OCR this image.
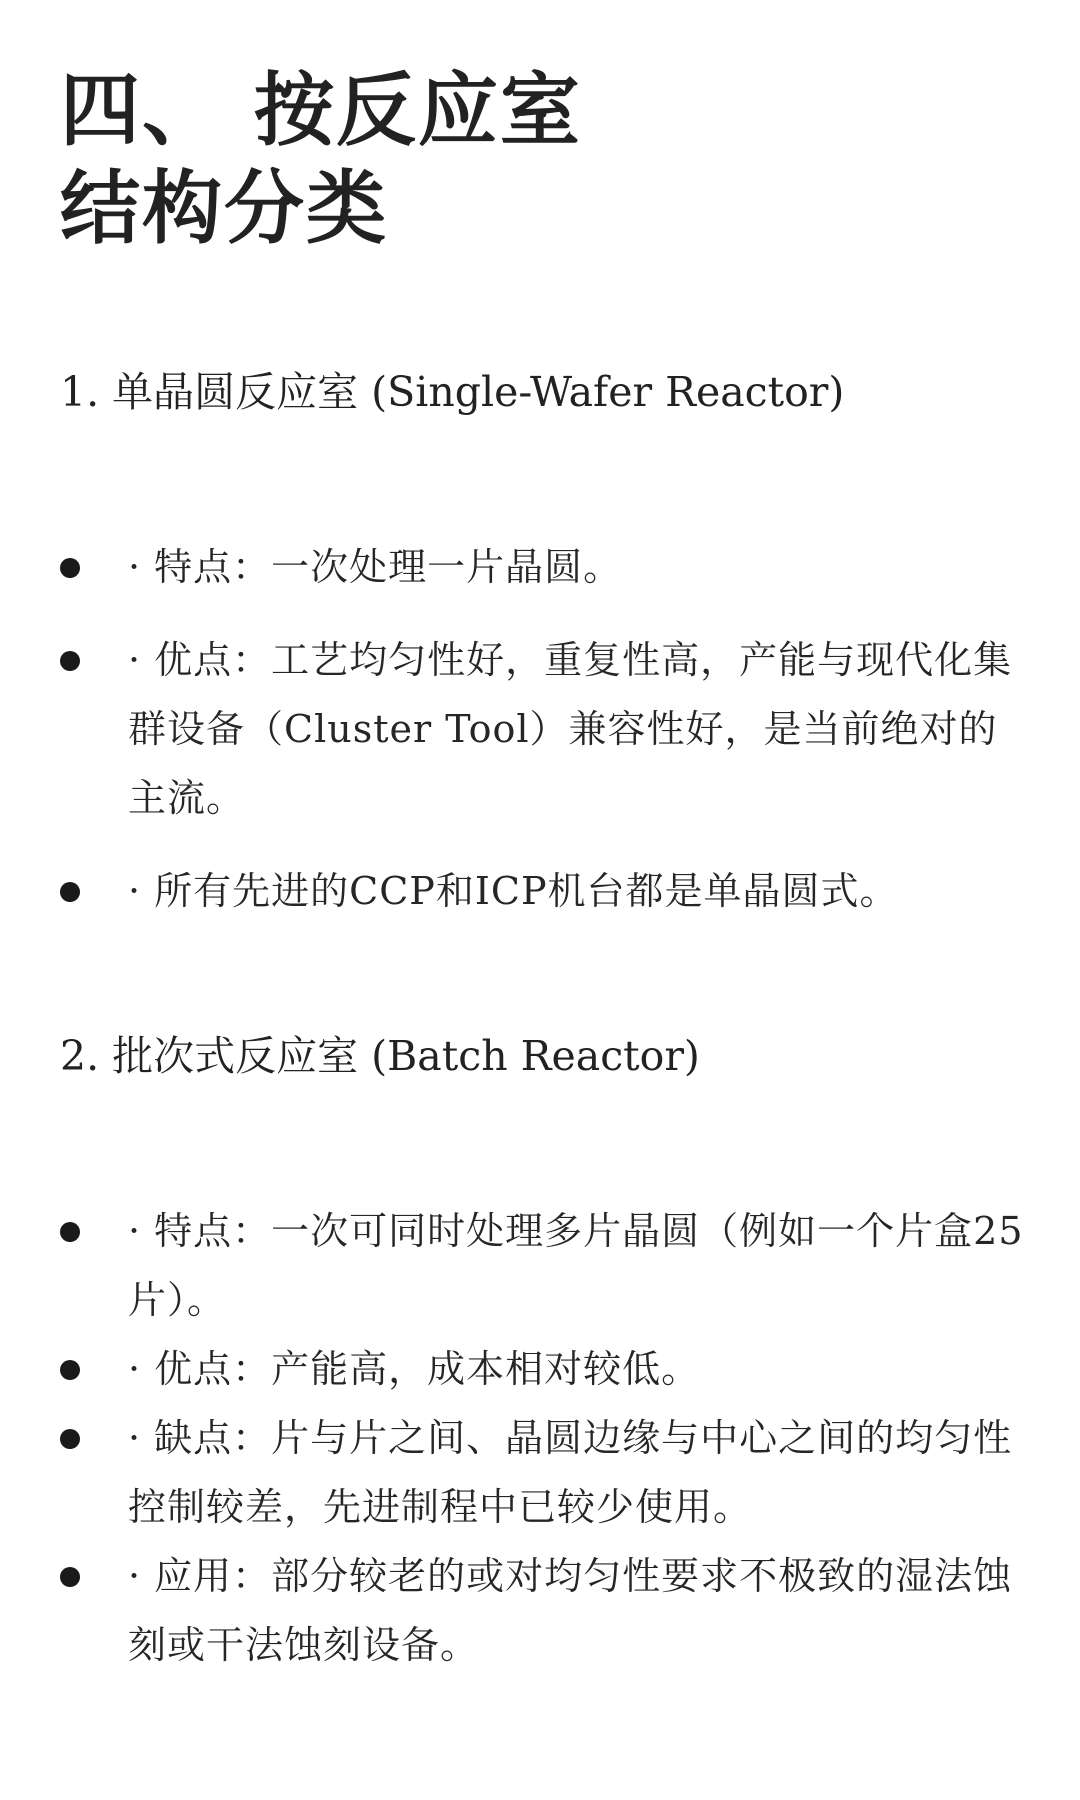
四、 按反应室
结构分类
1. 单晶圆反应室 (Single-Wafer Reactor)
· 特点：一次处理一片晶圆。
· 优点：工艺均匀性好，重复性高，产能与现代化集群设备（Cluster Tool）兼容性好，是当前绝对的主流。
· 所有先进的CCP和ICP机台都是单晶圆式。
2. 批次式反应室 (Batch Reactor)
· 特点：一次可同时处理多片晶圆（例如一个片盒25片）。
· 优点：产能高，成本相对较低。
· 缺点：片与片之间、晶圆边缘与中心之间的均匀性控制较差，先进制程中已较少使用。
· 应用：部分较老的或对均匀性要求不极致的湿法蚀刻或干法蚀刻设备。
